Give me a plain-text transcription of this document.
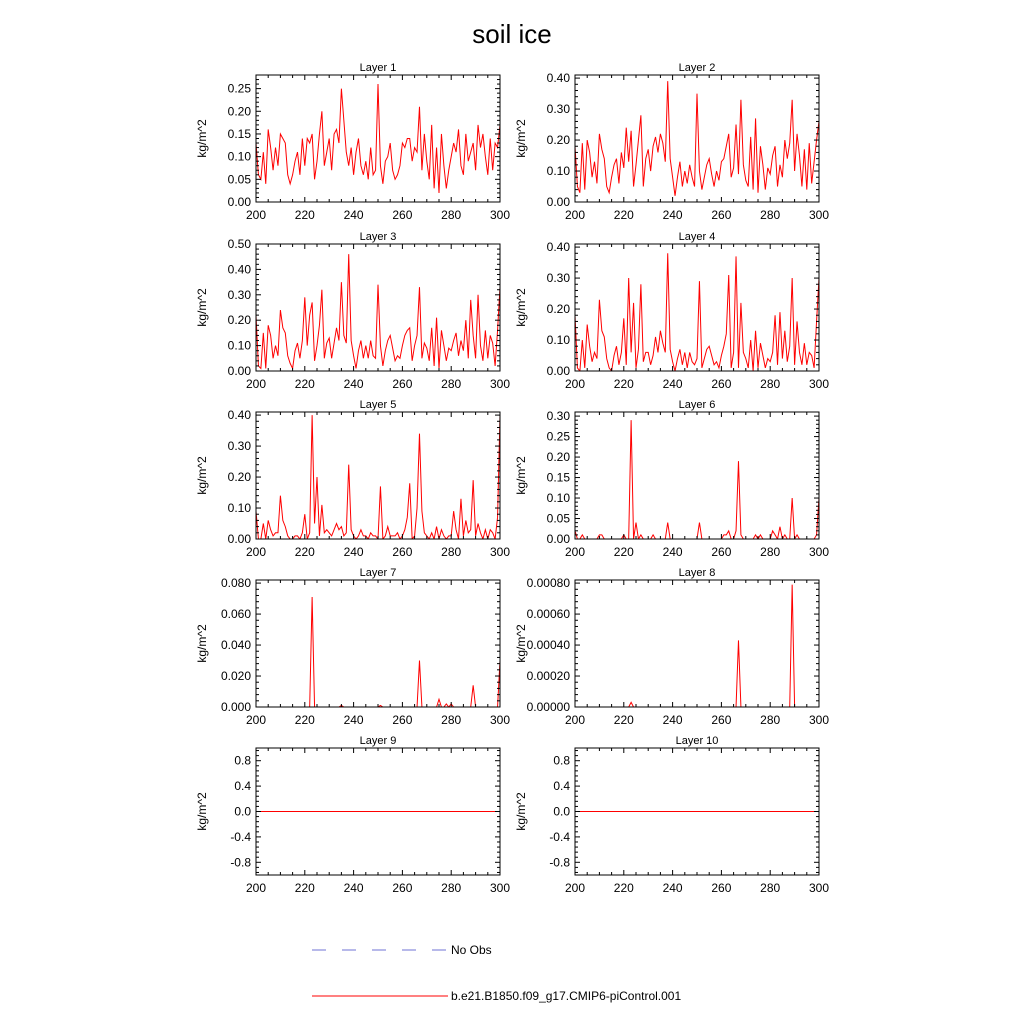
soil ice
Layer 1
kg/m^2
200 220 240 260 280 300
0.00
0.05
0.10
0.15
0.20
0.25
Layer 2
kg/m^2
200 220 240 260 280 300
0.00
0.10
0.20
0.30
0.40
Layer 3
kg/m^2
200 220 240 260 280 300
0.00
0.10
0.20
0.30
0.40
0.50	Layer 4
kg/m^2
200 220 240 260 280 300
0.00
0.10
0.20
0.30
0.40
Layer 5
kg/m^2
200 220 240 260 280 300
0.00
0.10
0.20
0.30
0.40
Layer 6
kg/m^2
200 220 240 260 280 300
0.00
0.05
0.10
0.15
0.20
0.25
0.30
Layer 7
kg/m^2
200 220 240 260 280 300
0.000
0.020
0.040
0.060
0.080
Layer 8
kg/m^2
200 220 240 260 280 300
0.00000
0.00020
0.00040
0.00060
0.00080
Layer 9
kg/m^2
200 220 240 260 280 300
-0.8
-0.4
0.0
0.4
0.8
Layer 10
kg/m^2
200 220 240 260 280 300
-0.8
-0.4
0.0
0.4
0.8
No Obs
b.e21.B1850.f09_g17.CMIP6-piControl.001
